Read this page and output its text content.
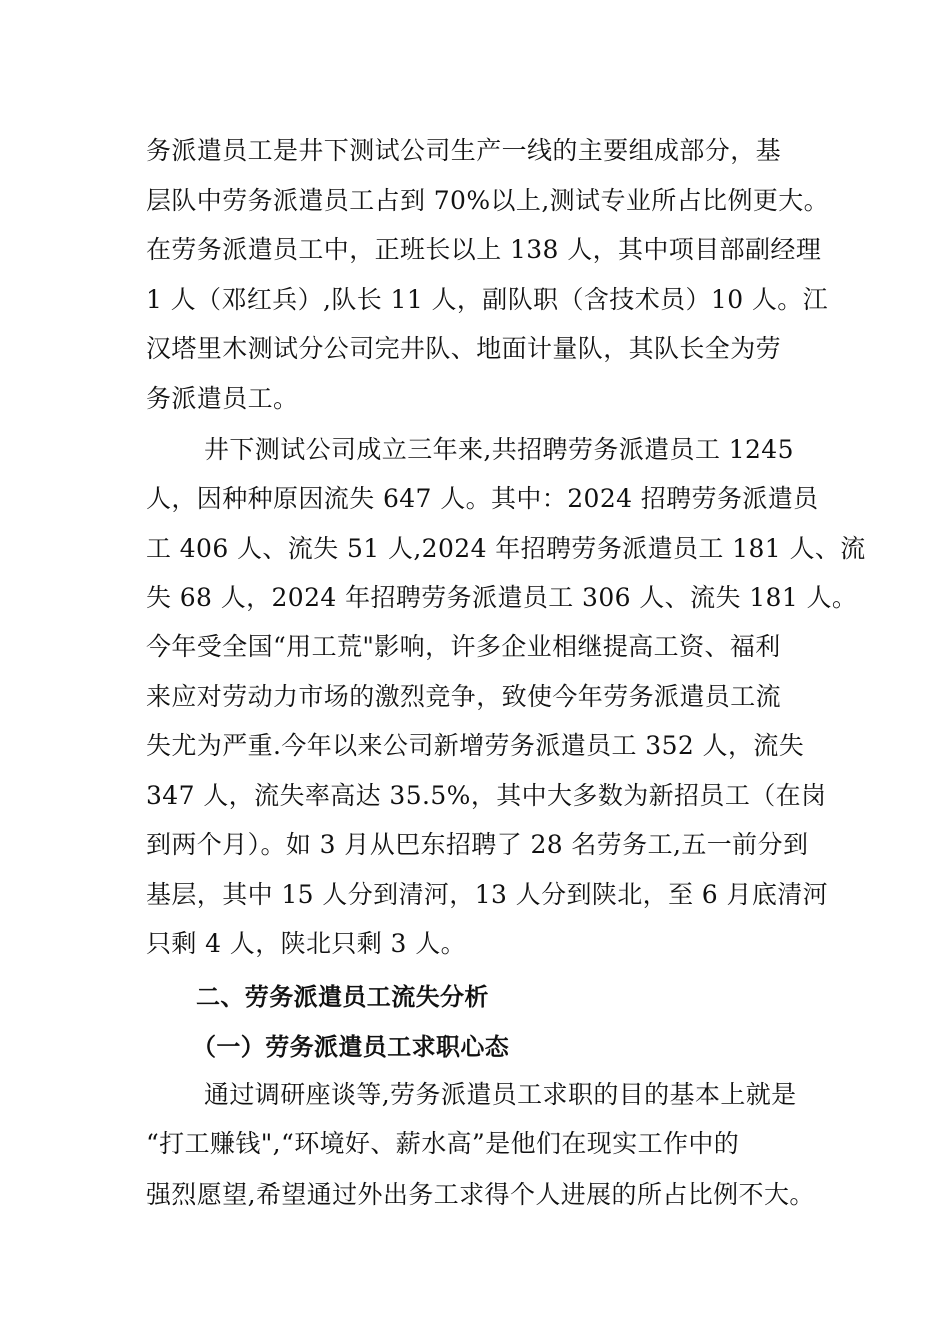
务派遣员工是井下测试公司生产一线的主要组成部分，基
层队中劳务派遣员工占到 70%以上,测试专业所占比例更大。
在劳务派遣员工中，正班长以上 138 人，其中项目部副经理
1 人（邓红兵）,队长 11 人，副队职（含技术员）10 人。江
汉塔里木测试分公司完井队、地面计量队，其队长全为劳
务派遣员工。
井下测试公司成立三年来,共招聘劳务派遣员工 1245
人，因种种原因流失 647 人。其中：2024 招聘劳务派遣员
工 406 人、流失 51 人,2024 年招聘劳务派遣员工 181 人、流
失 68 人，2024 年招聘劳务派遣员工 306 人、流失 181 人。
今年受全国“用工荒"影响，许多企业相继提高工资、福利
来应对劳动力市场的激烈竞争，致使今年劳务派遣员工流
失尤为严重.今年以来公司新增劳务派遣员工 352 人，流失
347 人，流失率高达 35.5%，其中大多数为新招员工（在岗
到两个月）。如 3 月从巴东招聘了 28 名劳务工,五一前分到
基层，其中 15 人分到清河，13 人分到陕北，至 6 月底清河
只剩 4 人，陕北只剩 3 人。
二、劳务派遣员工流失分析
（一）劳务派遣员工求职心态
通过调研座谈等,劳务派遣员工求职的目的基本上就是
“打工赚钱",“环境好、薪水高”是他们在现实工作中的
强烈愿望,希望通过外出务工求得个人进展的所占比例不大。
